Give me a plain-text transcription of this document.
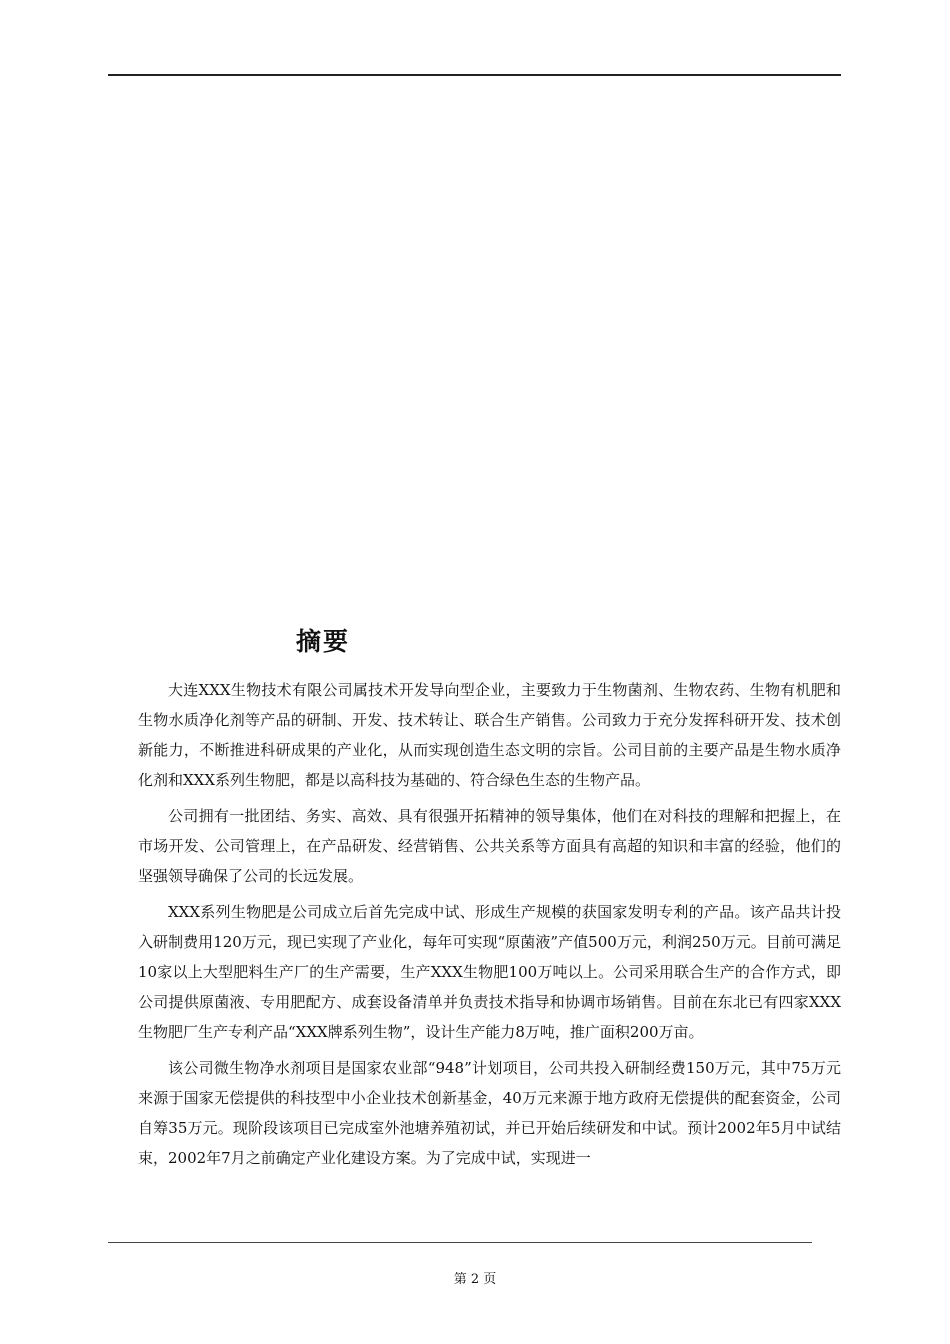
摘要

大连XXX生物技术有限公司属技术开发导向型企业，主要致力于生物菌剂、生物农药、生物有机肥和生物水质净化剂等产品的研制、开发、技术转让、联合生产销售。公司致力于充分发挥科研开发、技术创新能力，不断推进科研成果的产业化，从而实现创造生态文明的宗旨。公司目前的主要产品是生物水质净化剂和XXX系列生物肥，都是以高科技为基础的、符合绿色生态的生物产品。

公司拥有一批团结、务实、高效、具有很强开拓精神的领导集体，他们在对科技的理解和把握上，在市场开发、公司管理上，在产品研发、经营销售、公共关系等方面具有高超的知识和丰富的经验，他们的坚强领导确保了公司的长远发展。

XXX系列生物肥是公司成立后首先完成中试、形成生产规模的获国家发明专利的产品。该产品共计投入研制费用120万元，现已实现了产业化，每年可实现“原菌液”产值500万元，利润250万元。目前可满足10家以上大型肥料生产厂的生产需要，生产XXX生物肥100万吨以上。公司采用联合生产的合作方式，即公司提供原菌液、专用肥配方、成套设备清单并负责技术指导和协调市场销售。目前在东北已有四家XXX生物肥厂生产专利产品“XXX牌系列生物”，设计生产能力8万吨，推广面积200万亩。

该公司微生物净水剂项目是国家农业部“948”计划项目，公司共投入研制经费150万元，其中75万元来源于国家无偿提供的科技型中小企业技术创新基金，40万元来源于地方政府无偿提供的配套资金，公司自筹35万元。现阶段该项目已完成室外池塘养殖初试，并已开始后续研发和中试。预计2002年5月中试结束，2002年7月之前确定产业化建设方案。为了完成中试，实现进一

第 2 页
